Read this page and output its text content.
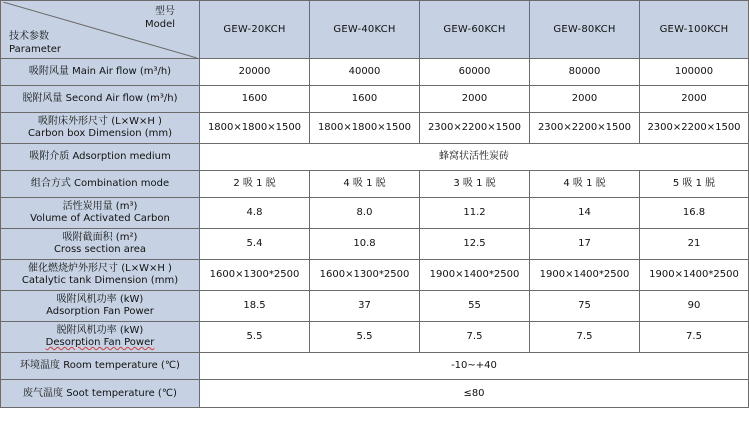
型号
Model
技术参数
Parameter	GEW-20KCH	GEW-40KCH	GEW-60KCH	GEW-80KCH	GEW-100KCH
吸附风量 Main Air flow (m³/h)	20000	40000	60000	80000	100000
脱附风量 Second Air flow (m³/h)	1600	1600	2000	2000	2000

吸附床外形尺寸 (L×W×H )
Carbon box Dimension (mm)	1800×1800×1500	1800×1800×1500	2300×2200×1500	2300×2200×1500	2300×2200×1500
吸附介质 Adsorption medium	蜂窝状活性炭砖				
组合方式 Combination mode	2 吸 1 脱	4 吸 1 脱	3 吸 1 脱	4 吸 1 脱	5 吸 1 脱

活性炭用量 (m³)
Volume of Activated Carbon	4.8	8.0	11.2	14	16.8

吸附截面积 (m²)
Cross section area	5.4	10.8	12.5	17	21

催化燃烧炉外形尺寸 (L×W×H )
Catalytic tank Dimension (mm)	1600×1300*2500	1600×1300*2500	1900×1400*2500	1900×1400*2500	1900×1400*2500

吸附风机功率 (kW)
Adsorption Fan Power	18.5	37	55	75	90

脱附风机功率 (kW)
Desorption Fan Power	5.5	5.5	7.5	7.5	7.5
环境温度 Room temperature (℃)	-10~+40				
废气温度 Soot temperature (℃)	≤80				
